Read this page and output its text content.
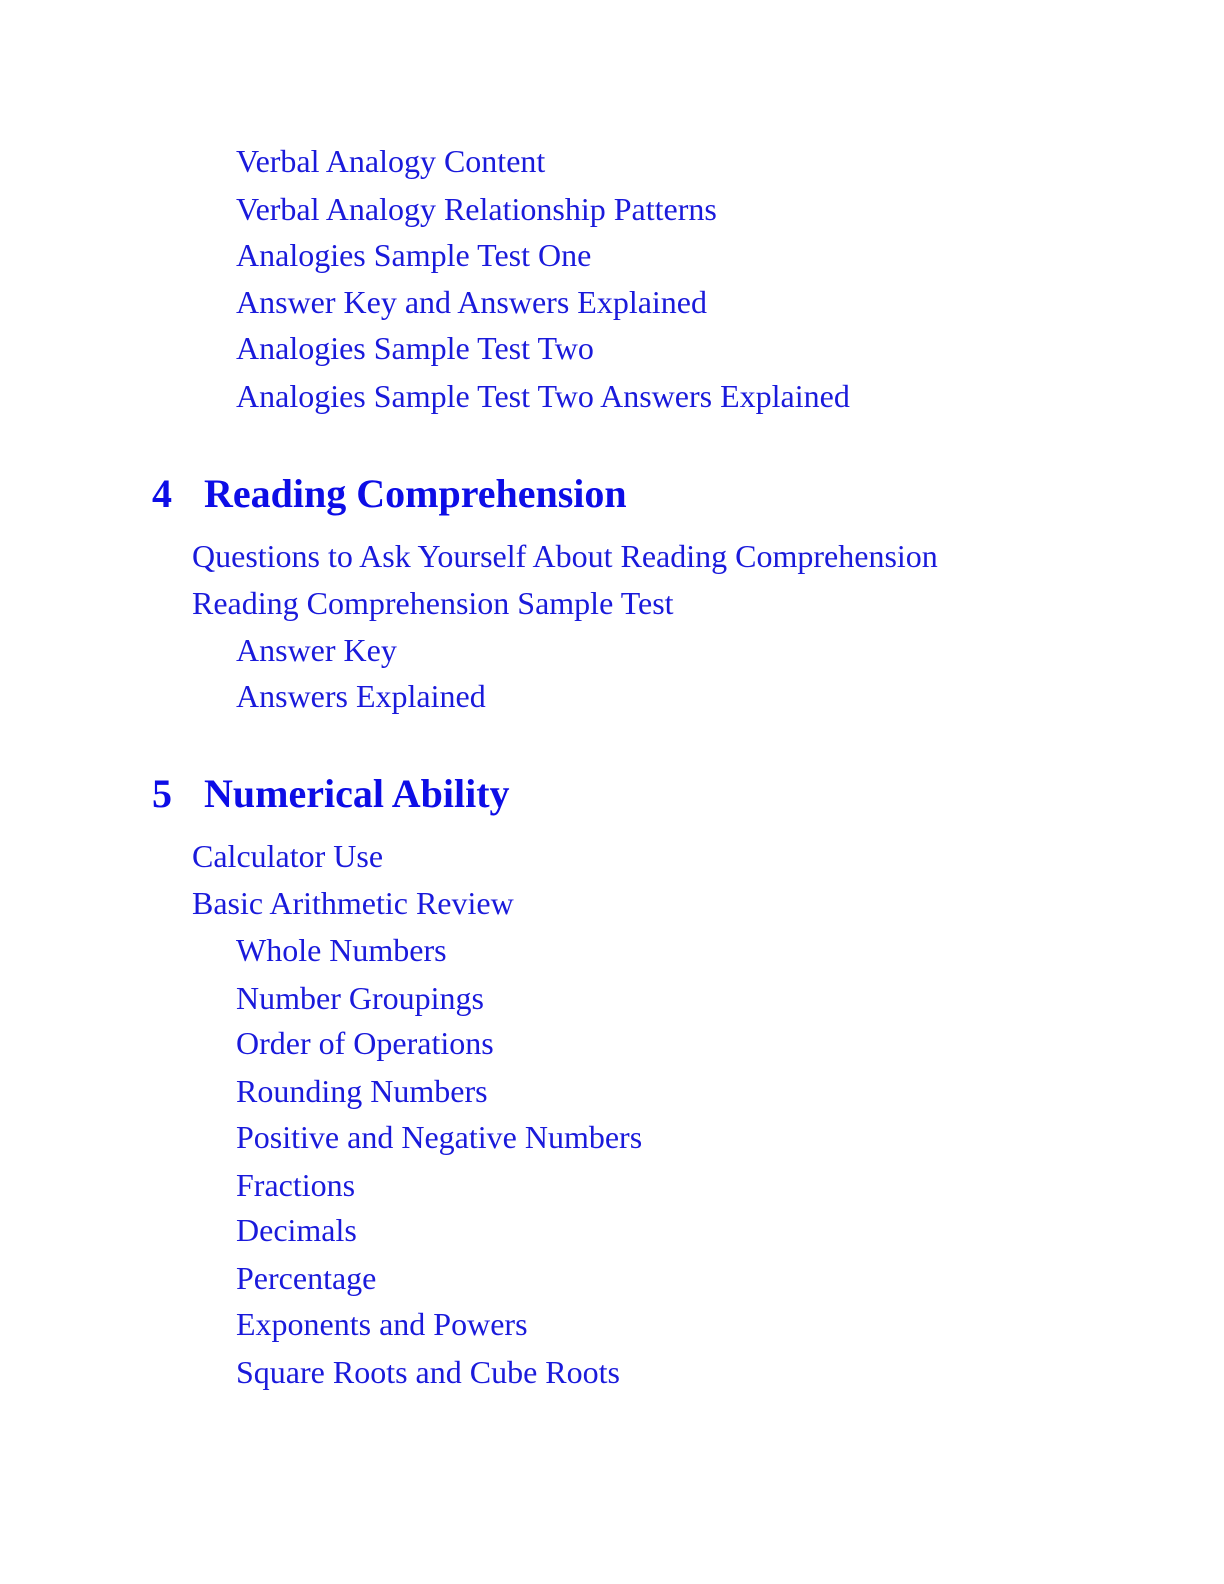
Verbal Analogy Content
Verbal Analogy Relationship Patterns
Analogies Sample Test One
Answer Key and Answers Explained
Analogies Sample Test Two
Analogies Sample Test Two Answers Explained
4 Reading Comprehension
Questions to Ask Yourself About Reading Comprehension
Reading Comprehension Sample Test
Answer Key
Answers Explained
5 Numerical Ability
Calculator Use
Basic Arithmetic Review
Whole Numbers
Number Groupings
Order of Operations
Rounding Numbers
Positive and Negative Numbers
Fractions
Decimals
Percentage
Exponents and Powers
Square Roots and Cube Roots
